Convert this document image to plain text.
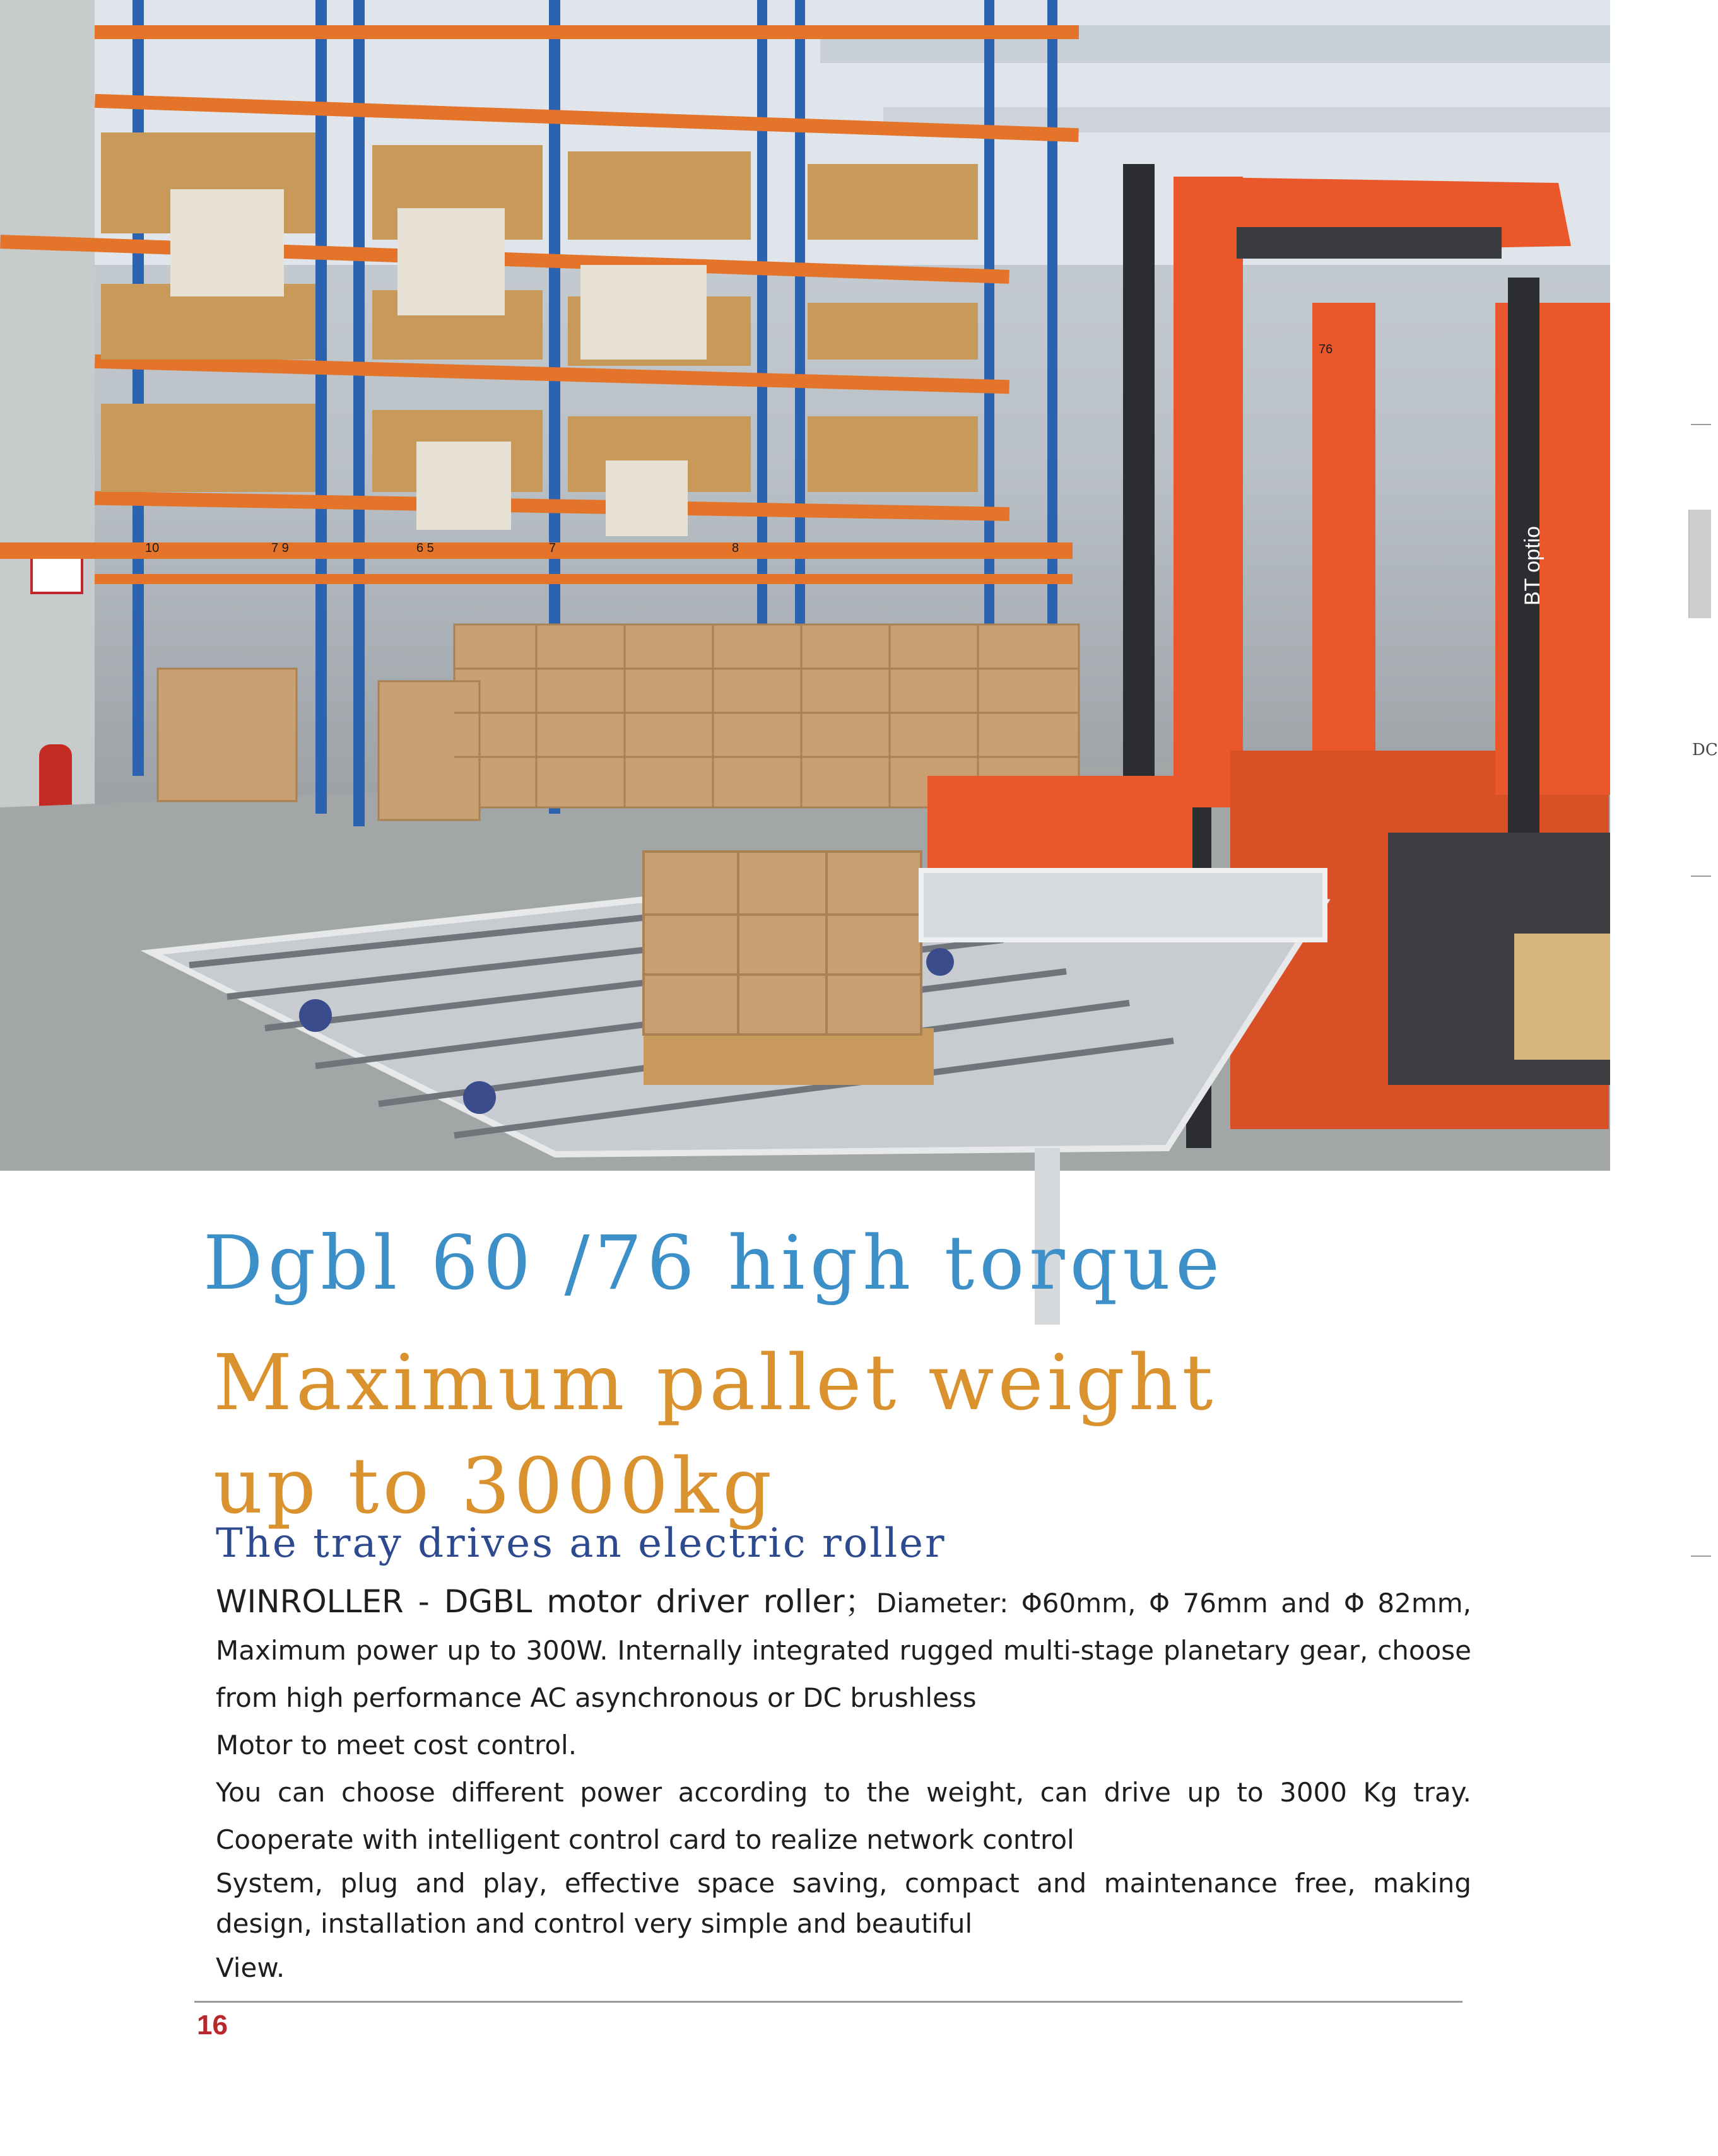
BT optio
10	7 9	6 5	7	8
76
DC
Dgbl 60 /76 high torque
Maximum pallet weight up to 3000kg
The tray drives an electric roller

WINROLLER - DGBL motor driver roller；Diameter: Φ60mm, Φ 76mm and Φ 82mm, Maximum power up to 300W. Internally integrated rugged multi-stage planetary gear, choose from high performance AC asynchronous or DC brushless

Motor to meet cost control.

You can choose different power according to the weight, can drive up to 3000 Kg tray. Cooperate with intelligent control card to realize network control

System, plug and play, effective space saving, compact and maintenance free, making design, installation and control very simple and beautiful

View.

16
